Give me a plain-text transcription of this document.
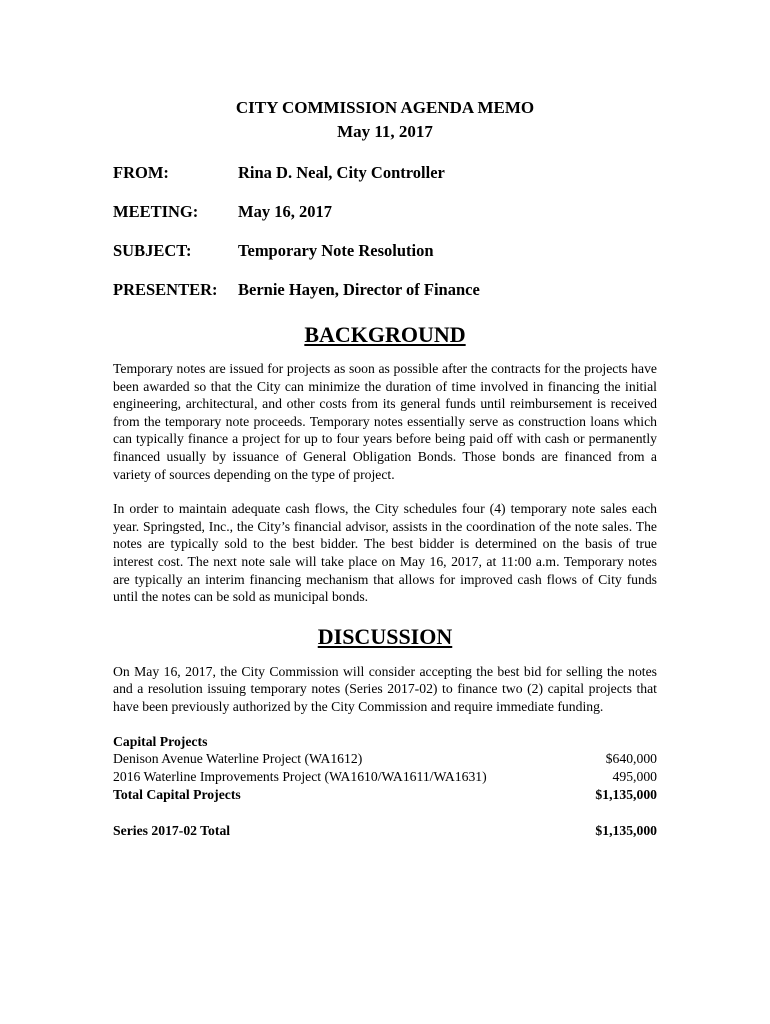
CITY COMMISSION AGENDA MEMO

May 11, 2017

FROM:	Rina D. Neal, City Controller
MEETING:	May 16, 2017
SUBJECT:	Temporary Note Resolution
PRESENTER:	Bernie Hayen, Director of Finance

BACKGROUND

Temporary notes are issued for projects as soon as possible after the contracts for the projects have been awarded so that the City can minimize the duration of time involved in financing the initial engineering, architectural, and other costs from its general funds until reimbursement is received from the temporary note proceeds. Temporary notes essentially serve as construction loans which can typically finance a project for up to four years before being paid off with cash or permanently financed usually by issuance of General Obligation Bonds. Those bonds are financed from a variety of sources depending on the type of project.

In order to maintain adequate cash flows, the City schedules four (4) temporary note sales each year. Springsted, Inc., the City’s financial advisor, assists in the coordination of the note sales. The notes are typically sold to the best bidder. The best bidder is determined on the basis of true interest cost. The next note sale will take place on May 16, 2017, at 11:00 a.m. Temporary notes are typically an interim financing mechanism that allows for improved cash flows of City funds until the notes can be sold as municipal bonds.

DISCUSSION

On May 16, 2017, the City Commission will consider accepting the best bid for selling the notes and a resolution issuing temporary notes (Series 2017-02) to finance two (2) capital projects that have been previously authorized by the City Commission and require immediate funding.

Capital Projects
Denison Avenue Waterline Project (WA1612)	$640,000
2016 Waterline Improvements Project (WA1610/WA1611/WA1631)	495,000
Total Capital Projects	$1,135,000
Series 2017-02 Total	$1,135,000
